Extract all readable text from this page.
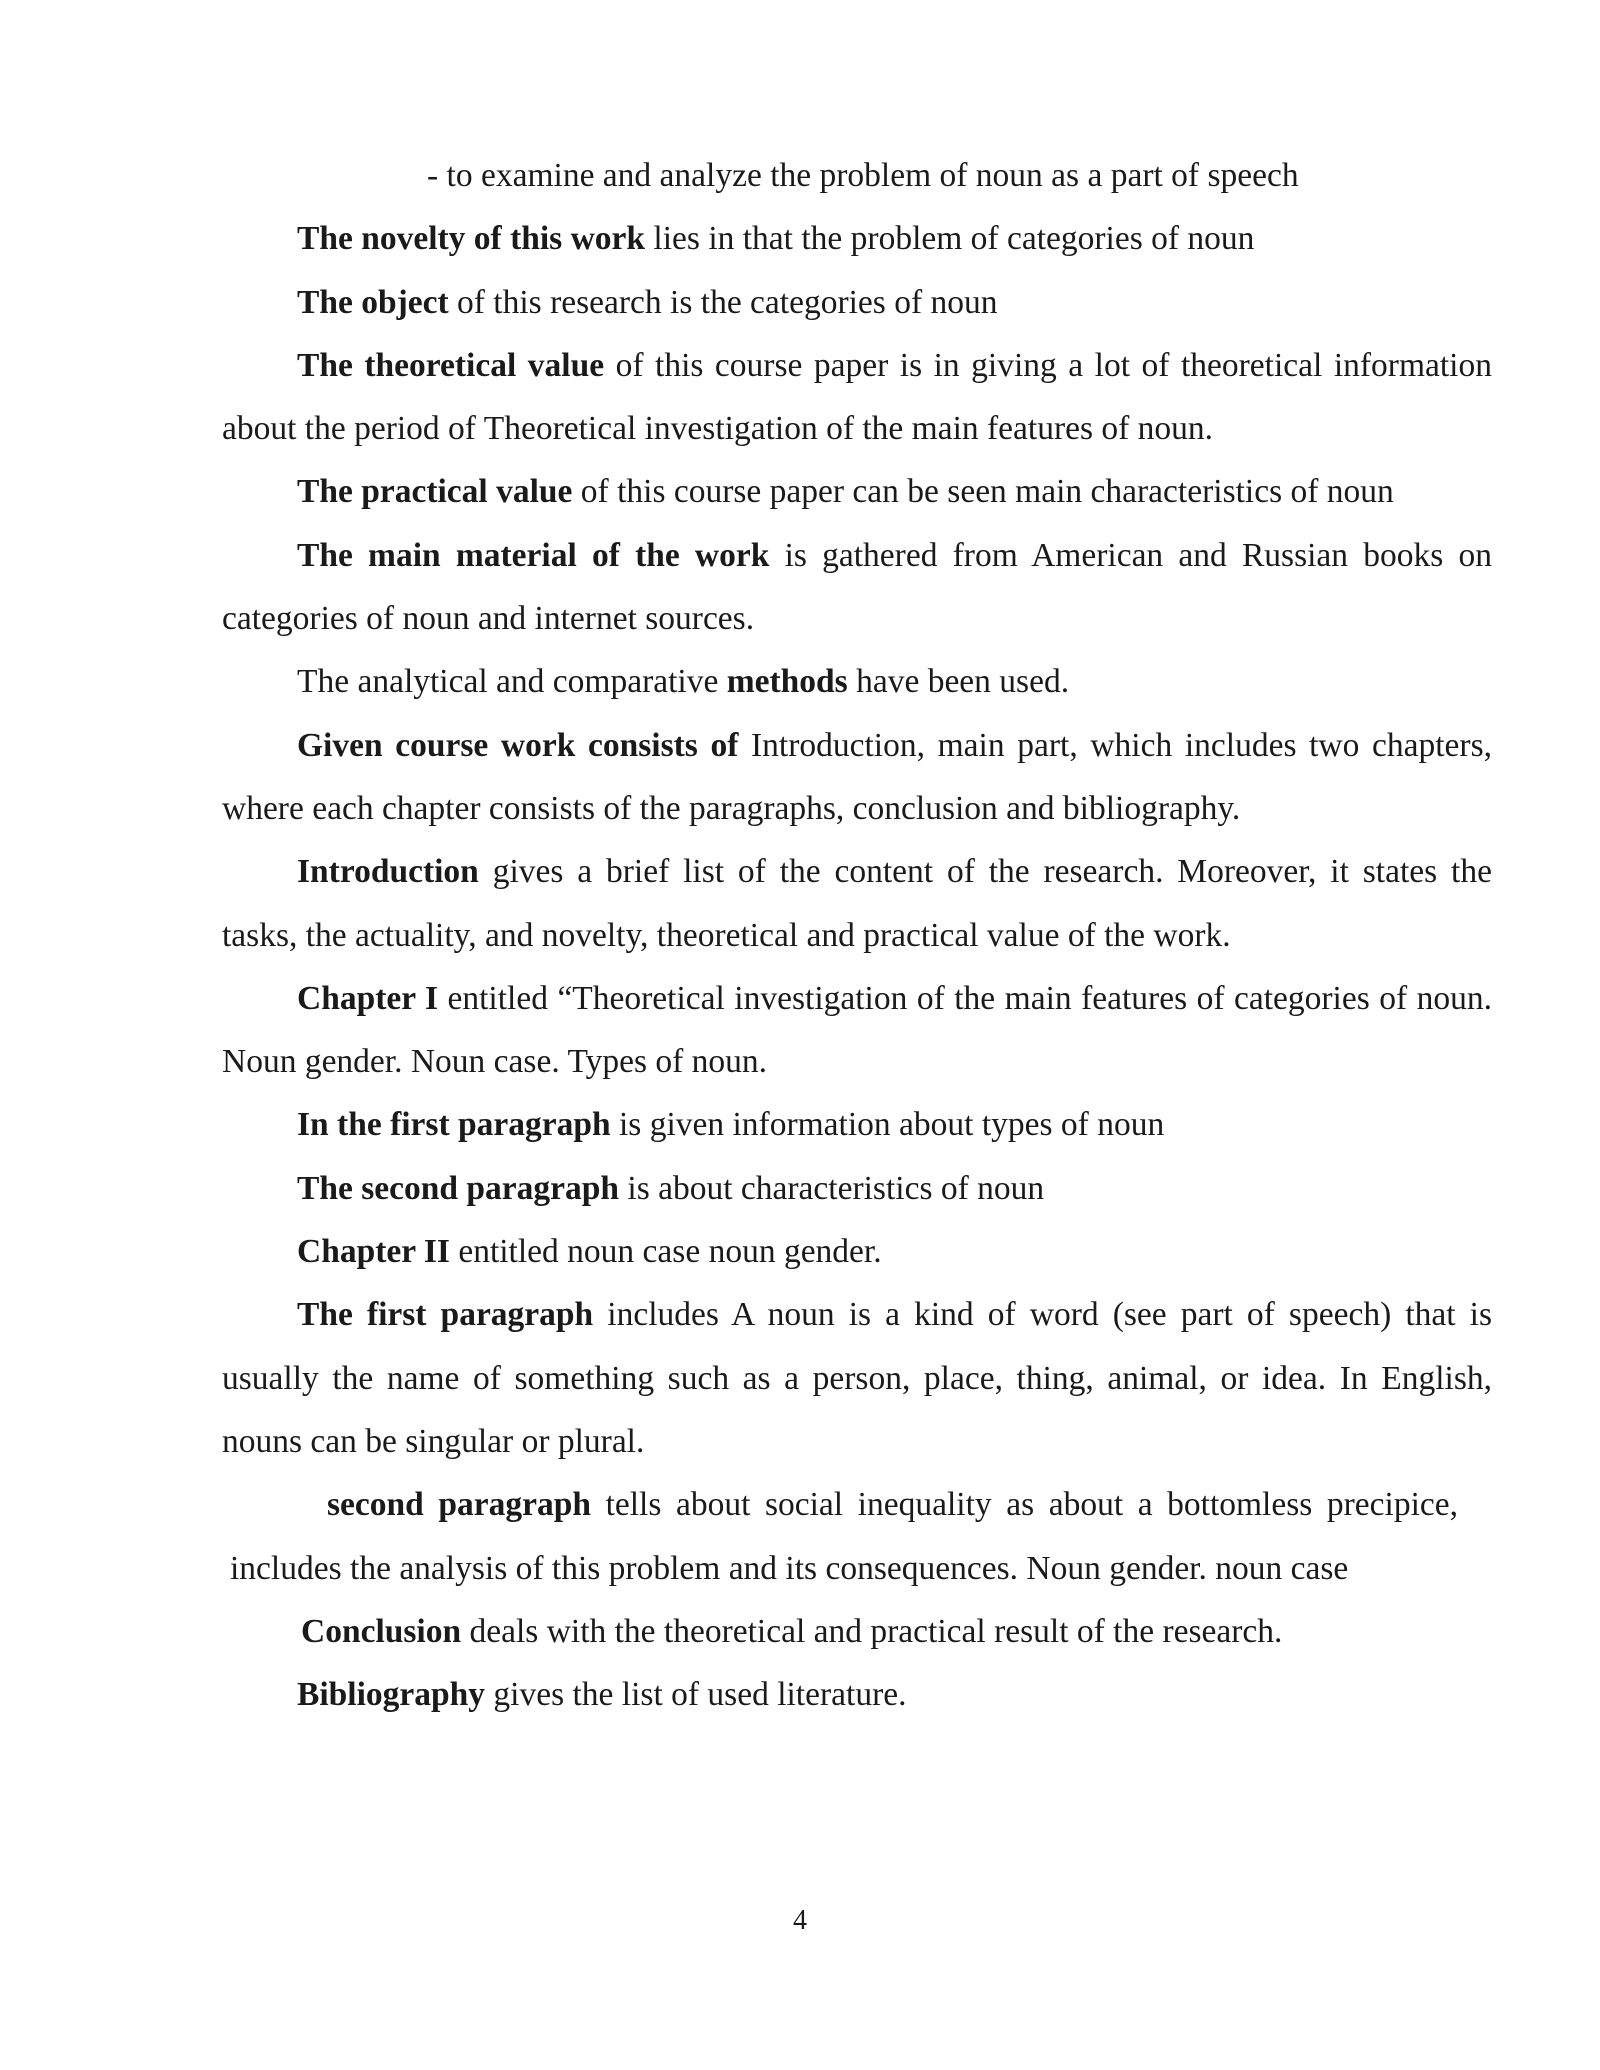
- to examine and analyze the problem of noun as a part of speech

The novelty of this work lies in that the problem of categories of noun

The object of this research is the categories of noun

The theoretical value of this course paper is in giving a lot of theoretical information about the period of Theoretical investigation of the main features of noun.

The practical value of this course paper can be seen main characteristics of noun

The main material of the work is gathered from American and Russian books on categories of noun and internet sources.

The analytical and comparative methods have been used.

Given course work consists of Introduction, main part, which includes two chapters, where each chapter consists of the paragraphs, conclusion and bibliography.

Introduction gives a brief list of the content of the research. Moreover, it states the tasks, the actuality, and novelty, theoretical and practical value of the work.

Chapter I entitled “Theoretical investigation of the main features of categories of noun. Noun gender. Noun case. Types of noun.

In the first paragraph is given information about types of noun

The second paragraph is about characteristics of noun

Chapter II entitled noun case noun gender.

The first paragraph includes A noun is a kind of word (see part of speech) that is usually the name of something such as a person, place, thing, animal, or idea. In English, nouns can be singular or plural.

second paragraph tells about social inequality as about a bottomless precipice, includes the analysis of this problem and its consequences. Noun gender. noun case

Conclusion deals with the theoretical and practical result of the research.

Bibliography gives the list of used literature.

4
